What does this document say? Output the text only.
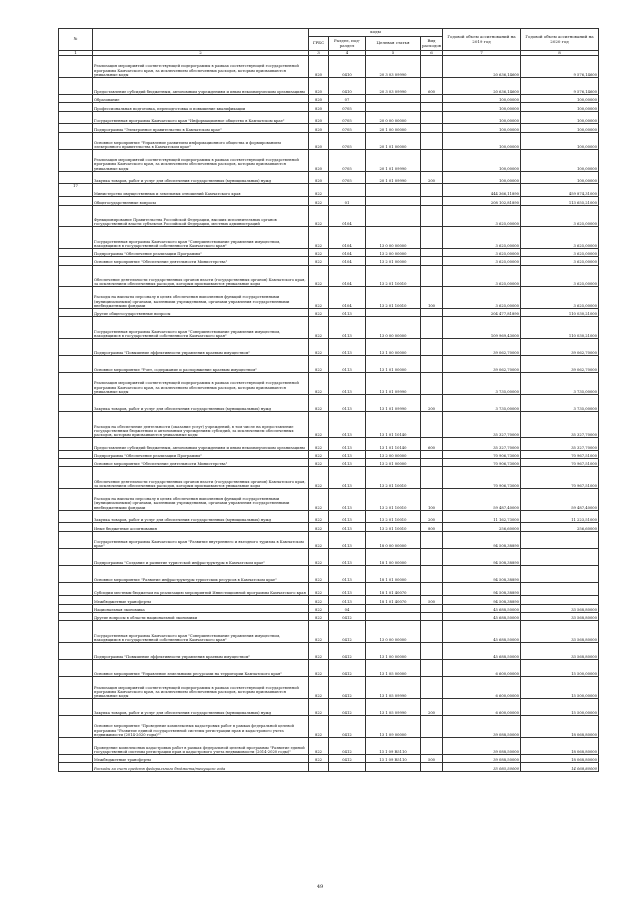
№		коды				Годовой объем ассигнований на 2019 год	Годовой объем ассигнований на 2020 год
		ГРБС	Раздел, под-раздел	Целевая статья	Вид расходов		
1	2	3	4	5	6	7	8
	Реализация мероприятий соответствующей подпрограммы в рамках соответствующей государственной программы Камчатского края, за исключением обеспеченных расходов, которым присваиваются уникальные коды	820	0410	20 3 03 09990		20 636,14600	9 576,14600
	Предоставление субсидий бюджетным, автономным учреждениям и иным некоммерческим организациям	820	0410	20 3 03 09990	600	20 636,14600	9 576,14600
	Образование	820	07			100,00000	100,00000
	Профессиональная подготовка, переподготовка и повышение квалификации	820	0705			100,00000	100,00000
	Государственная программа Камчатского края "Информационное общество в Камчатском крае"	820	0705	20 0 00 00000		100,00000	100,00000
	Подпрограмма "Электронное правительство в Камчатском крае"	820	0705	20 1 00 00000		100,00000	100,00000
	Основное мероприятие "Управление развитием информационного общества и формированием электронного правительства в Камчатском крае"	820	0705	20 1 01 00000		100,00000	100,00000
	Реализация мероприятий соответствующей подпрограммы в рамках соответствующей государственной программы Камчатского края, за исключением обеспеченных расходов, которым присваиваются уникальные коды	820	0705	20 1 01 09990		100,00000	100,00000
	Закупка товаров, работ и услуг для обеспечения государственных (муниципальных) нужд	820	0705	20 1 01 09990	200	100,00000	100,00000
17	Министерство имущественных и земельных отношений Камчатского края	822				444 366,11890	459 874,31000
	Общегосударственные вопросы	822	01			208 102,81890	113 655,21000
	Функционирование Правительства Российской Федерации, высших исполнительных органов государственной власти субъектов Российской Федерации, местных администраций	822	0104			3 625,00000	3 625,00000
	Государственная программа Камчатского края "Совершенствование управления имуществом, находящимся в государственной собственности Камчатского края"	822	0104	13 0 00 00000		3 625,00000	3 625,00000
	Подпрограмма "Обеспечение реализации Программы"	822	0104	13 2 00 00000		3 625,00000	3 625,00000
	Основное мероприятие "Обеспечение деятельности Министерства"	822	0104	13 2 01 00000		3 625,00000	3 625,00000
	Обеспечение деятельности государственных органов власти (государственных органов) Камчатского края, за исключением обеспеченных расходов, которым присваиваются уникальные коды	822	0104	13 2 01 10010		3 625,00000	3 625,00000
	Расходы на выплаты персоналу в целях обеспечения выполнения функций государственными (муниципальными) органами, казенными учреждениями, органами управления государственными внебюджетными фондами	822	0104	13 2 01 10010	100	3 625,00000	3 625,00000
	Другие общегосударственные вопросы	822	0113			204 477,81890	110 030,21000
	Государственная программа Камчатского края "Совершенствование управления имуществом, находящимся в государственной собственности Камчатского края"	822	0113	13 0 00 00000		109 969,43000	110 030,21000
	Подпрограмма "Повышение эффективности управления краевым имуществом"	822	0113	13 1 00 00000		39 062,70000	39 062,70000
	Основное мероприятие "Учет, содержание и распоряжение краевым имуществом"	822	0113	13 1 01 00000		39 062,70000	39 062,70000
	Реализация мероприятий соответствующей подпрограммы в рамках соответствующей государственной программы Камчатского края, за исключением обеспеченных расходов, которым присваиваются уникальные коды	822	0113	13 1 01 09990		3 735,00000	3 735,00000
	Закупка товаров, работ и услуг для обеспечения государственных (муниципальных) нужд	822	0113	13 1 01 09990	200	3 735,00000	3 735,00000
	Расходы на обеспечение деятельности (оказание услуг) учреждений, в том числе на предоставление государственным бюджетным и автономным учреждениям субсидий, за исключением обеспеченных расходов, которым присваиваются уникальные коды	822	0113	13 1 01 10140		35 327,70000	35 327,70000
	Предоставление субсидий бюджетным, автономным учреждениям и иным некоммерческим организациям	822	0113	13 1 01 10140	600	35 327,70000	35 327,70000
	Подпрограмма "Обеспечение реализации Программы"	822	0113	13 2 00 00000		70 906,73000	70 967,51000
	Основное мероприятие "Обеспечение деятельности Министерства"	822	0113	13 2 01 00000		70 906,73000	70 967,51000
	Обеспечение деятельности государственных органов власти (государственных органов) Камчатского края, за исключением обеспеченных расходов, которым присваиваются уникальные коды	822	0113	13 2 01 10010		70 906,73000	70 967,51000
	Расходы на выплаты персоналу в целях обеспечения выполнения функций государственными (муниципальными) органами, казенными учреждениями, органами управления государственными внебюджетными фондами	822	0113	13 2 01 10010	100	59 487,40000	59 487,40000
	Закупка товаров, работ и услуг для обеспечения государственных (муниципальных) нужд	822	0113	13 2 01 10010	200	11 162,73000	11 223,51000
	Иные бюджетные ассигнования	822	0113	13 2 01 10010	800	256,60000	256,60000
	Государственная программа Камчатского края "Развитие внутреннего и въездного туризма в Камчатском крае"	822	0113	18 0 00 00000		94 508,38890	
	Подпрограмма "Создание и развитие туристской инфраструктуры в Камчатском крае"	822	0113	18 1 00 00000		94 508,38890	
	Основное мероприятие "Развитие инфраструктуры туристских ресурсов в Камчатском крае"	822	0113	18 1 01 00000		94 508,38890	
	Субсидии местным бюджетам на реализацию мероприятий Инвестиционной программы Камчатского края	822	0113	18 1 01 40070		94 508,38890	
	Межбюджетные трансферты	822	0113	18 1 01 40070	500	94 508,38890	
	Национальная экономика	822	04			45 688,50000	33 568,80000
	Другие вопросы в области национальной экономики	822	0412			45 688,50000	33 568,80000
	Государственная программа Камчатского края "Совершенствование управления имуществом, находящимся в государственной собственности Камчатского края"	822	0412	13 0 00 00000		45 688,50000	33 568,80000
	Подпрограмма "Повышение эффективности управления краевым имуществом"	822	0412	13 1 00 00000		45 688,50000	33 568,80000
	Основное мероприятие "Управление земельными ресурсами на территории Камчатского края"	822	0412	13 1 05 00000		6 600,00000	15 500,00000
	Реализация мероприятий соответствующей подпрограммы в рамках соответствующей государственной программы Камчатского края, за исключением обеспеченных расходов, которым присваиваются уникальные коды	822	0412	13 1 05 09990		6 600,00000	15 500,00000
	Закупка товаров, работ и услуг для обеспечения государственных (муниципальных) нужд	822	0412	13 1 05 09990	200	6 600,00000	15 500,00000
	Основное мероприятие "Проведение комплексных кадастровых работ в рамках федеральной целевой программы "Развитие единой государственной системы регистрации прав и кадастрового учета недвижимости (2014-2020 годы)""	822	0412	13 1 09 00000		39 088,50000	18 068,80000
	Проведение комплексных кадастровых работ в рамках федеральной целевой программы "Развитие единой государственной системы регистрации прав и кадастрового учета недвижимости (2014-2020 годы)"	822	0412	13 1 09 R5110		39 088,50000	18 068,80000
	Межбюджетные трансферты	822	0412	13 1 09 R5110	500	39 088,50000	18 068,80000
	Расходы за счет средств федерального бюджета/текущего года					35 085,50000	14 068,80000
49
